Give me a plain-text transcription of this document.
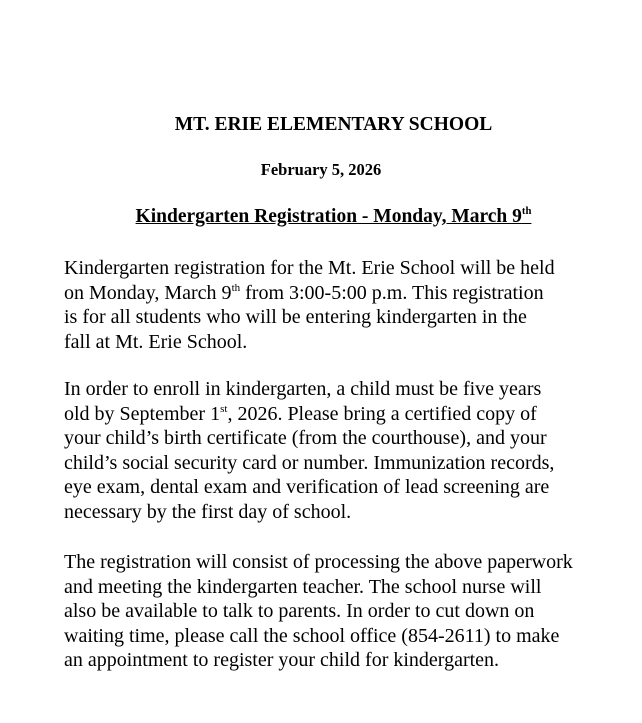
MT. ERIE ELEMENTARY SCHOOL
February 5, 2026
Kindergarten Registration - Monday, March 9th
Kindergarten registration for the Mt. Erie School will be held
on Monday, March 9th from 3:00-5:00 p.m. This registration
is for all students who will be entering kindergarten in the
fall at Mt. Erie School.
In order to enroll in kindergarten, a child must be five years
old by September 1st, 2026. Please bring a certified copy of
your child’s birth certificate (from the courthouse), and your
child’s social security card or number. Immunization records,
eye exam, dental exam and verification of lead screening are
necessary by the first day of school.
The registration will consist of processing the above paperwork
and meeting the kindergarten teacher. The school nurse will
also be available to talk to parents. In order to cut down on
waiting time, please call the school office (854-2611) to make
an appointment to register your child for kindergarten.
